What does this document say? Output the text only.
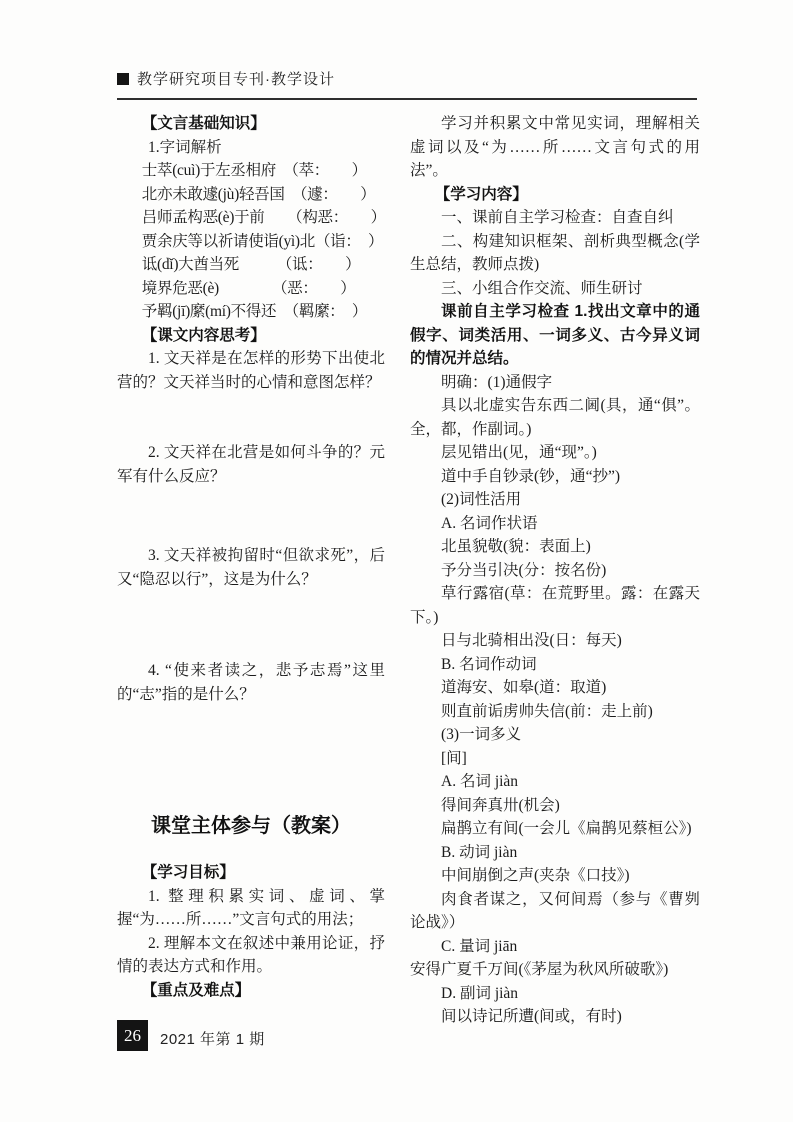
教学研究项目专刊·教学设计

【文言基础知识】

1.字词解析

士萃(cuì)于左丞相府　（萃：　　）

北亦未敢遽(jù)轻吾国　（遽：　　）

吕师孟构恶(è)于前　　（构恶：　　）

贾余庆等以祈请使诣(yì)北（诣：　）

诋(dǐ)大酋当死　　　（诋：　　）

境界危恶(è)　　　　（恶：　　）

予羁(jī)縻(mí)不得还　（羁縻：　）

【课文内容思考】

1. 文天祥是在怎样的形势下出使北营的？文天祥当时的心情和意图怎样？

2. 文天祥在北营是如何斗争的？元军有什么反应？

3. 文天祥被拘留时“但欲求死”，后又“隐忍以行”，这是为什么？

4. “使来者读之，悲予志焉”这里的“志”指的是什么？

课堂主体参与（教案）

【学习目标】

1. 整理积累实词、虚词、掌握“为……所……”文言句式的用法；

2. 理解本文在叙述中兼用论证，抒情的表达方式和作用。

【重点及难点】

学习并积累文中常见实词，理解相关虚词以及“为……所……文言句式的用法”。

【学习内容】

一、课前自主学习检查：自查自纠

二、构建知识框架、剖析典型概念(学生总结，教师点拨)

三、小组合作交流、师生研讨

课前自主学习检查 1.找出文章中的通假字、词类活用、一词多义、古今异义词的情况并总结。

明确：(1)通假字

具以北虚实告东西二阃(具，通“俱”。全，都，作副词。)

层见错出(见，通“现”。)

道中手自钞录(钞，通“抄”)

(2)词性活用

A. 名词作状语

北虽貌敬(貌：表面上)

予分当引决(分：按名份)

草行露宿(草：在荒野里。露：在露天下。)

日与北骑相出没(日：每天)

B. 名词作动词

道海安、如皋(道：取道)

则直前诟虏帅失信(前：走上前)

(3)一词多义

[间]

A. 名词 jiàn

得间奔真卅(机会)

扁鹊立有间(一会儿《扁鹊见蔡桓公》)

B. 动词 jiàn

中间崩倒之声(夹杂《口技》)

肉食者谋之，又何间焉（参与《曹刿论战》）

C. 量词 jiān

安得广夏千万间(《茅屋为秋风所破歌》)

D. 副词 jiàn

间以诗记所遭(间或，有时)

26	2021 年第 1 期
